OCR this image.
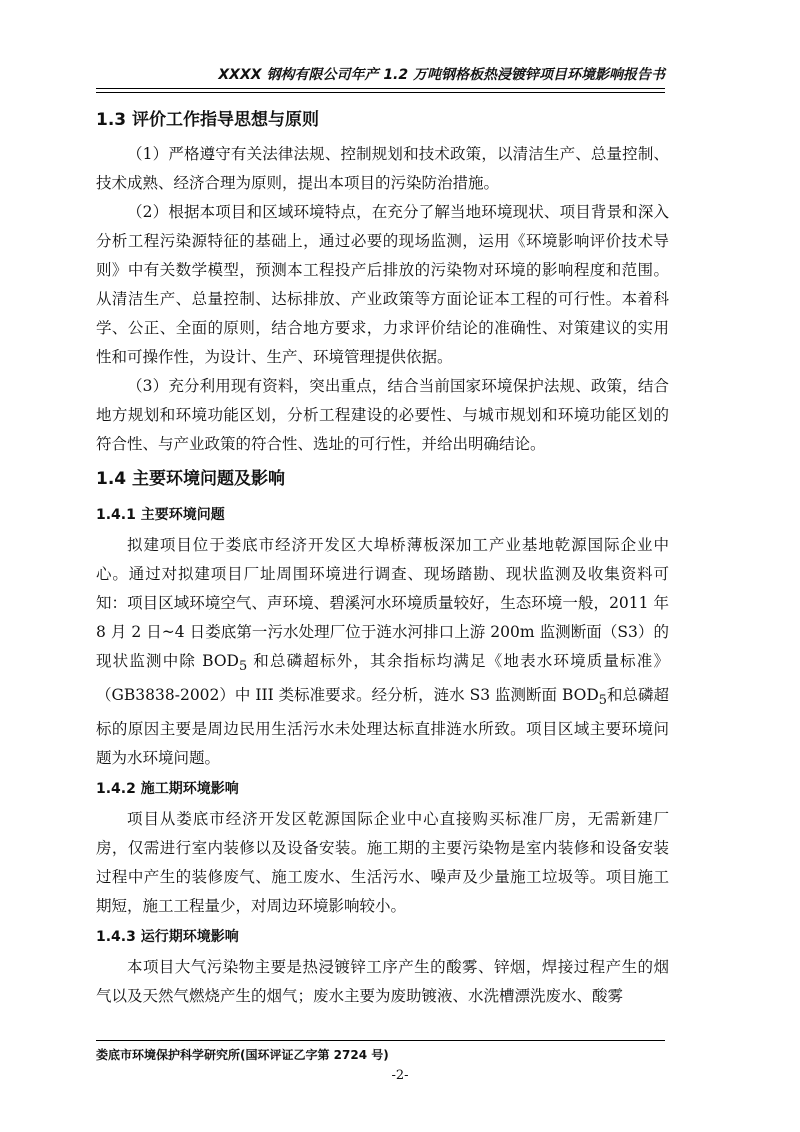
XXXX 钢构有限公司年产 1.2 万吨钢格板热浸镀锌项目环境影响报告书
1.3 评价工作指导思想与原则

（1）严格遵守有关法律法规、控制规划和技术政策，以清洁生产、总量控制、技术成熟、经济合理为原则，提出本项目的污染防治措施。

（2）根据本项目和区域环境特点，在充分了解当地环境现状、项目背景和深入分析工程污染源特征的基础上，通过必要的现场监测，运用《环境影响评价技术导则》中有关数学模型，预测本工程投产后排放的污染物对环境的影响程度和范围。从清洁生产、总量控制、达标排放、产业政策等方面论证本工程的可行性。本着科学、公正、全面的原则，结合地方要求，力求评价结论的准确性、对策建议的实用性和可操作性，为设计、生产、环境管理提供依据。

（3）充分利用现有资料，突出重点，结合当前国家环境保护法规、政策，结合地方规划和环境功能区划，分析工程建设的必要性、与城市规划和环境功能区划的符合性、与产业政策的符合性、选址的可行性，并给出明确结论。

1.4 主要环境问题及影响
1.4.1 主要环境问题

拟建项目位于娄底市经济开发区大埠桥薄板深加工产业基地乾源国际企业中心。通过对拟建项目厂址周围环境进行调查、现场踏勘、现状监测及收集资料可知：项目区域环境空气、声环境、碧溪河水环境质量较好，生态环境一般，2011 年 8 月 2 日~4 日娄底第一污水处理厂位于涟水河排口上游 200m 监测断面（S3）的现状监测中除 $BOD_5$ 和总磷超标外，其余指标均满足《地表水环境质量标准》（GB3838-2002）中 III 类标准要求。经分析，涟水 S3 监测断面 $BOD_5$和总磷超标的原因主要是周边民用生活污水未处理达标直排涟水所致。项目区域主要环境问题为水环境问题。

1.4.2 施工期环境影响

项目从娄底市经济开发区乾源国际企业中心直接购买标准厂房，无需新建厂房，仅需进行室内装修以及设备安装。施工期的主要污染物是室内装修和设备安装过程中产生的装修废气、施工废水、生活污水、噪声及少量施工垃圾等。项目施工期短，施工工程量少，对周边环境影响较小。

1.4.3 运行期环境影响

本项目大气污染物主要是热浸镀锌工序产生的酸雾、锌烟，焊接过程产生的烟气以及天然气燃烧产生的烟气；废水主要为废助镀液、水洗槽漂洗废水、酸雾

娄底市环境保护科学研究所(国环评证乙字第 2724 号)
-2-
